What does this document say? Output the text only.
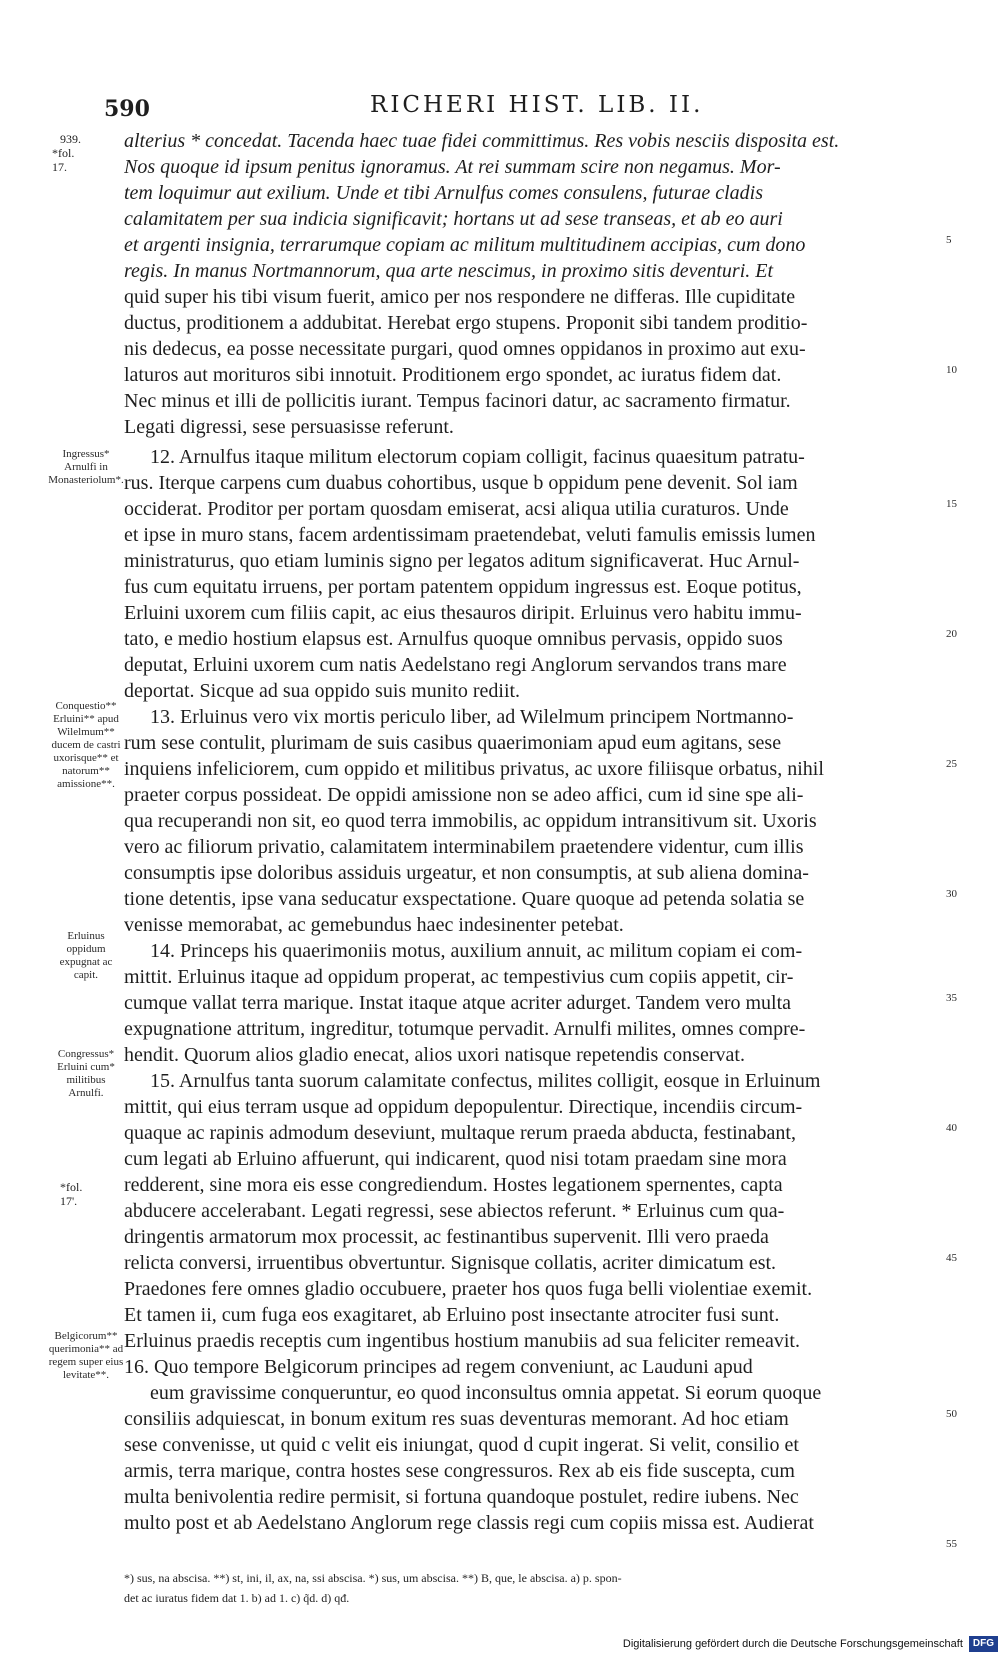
590	RICHERI HIST. LIB. II.
939.
*fol. 17.
Ingressus* Arnulfi in Monasteriolum*.
Conquestio** Erluini** apud Wilelmum** ducem de castri uxorisque** et natorum** amissione**.
Erluinus oppidum expugnat ac capit.
Congressus* Erluini cum* militibus Arnulfi.
*fol. 17'.
Belgicorum** querimonia** ad regem super eius levitate**.
alterius * concedat. Tacenda haec tuae fidei committimus. Res vobis nesciis disposita est.
Nos quoque id ipsum penitus ignoramus. At rei summam scire non negamus. Mor-
tem loquimur aut exilium. Unde et tibi Arnulfus comes consulens, futurae cladis
calamitatem per sua indicia significavit; hortans ut ad sese transeas, et ab eo auri
et argenti insignia, terrarumque copiam ac militum multitudinem accipias, cum dono
regis. In manus Nortmannorum, qua arte nescimus, in proximo sitis deventuri. Et
quid super his tibi visum fuerit, amico per nos respondere ne differas. Ille cupiditate
ductus, proditionem a addubitat. Herebat ergo stupens. Proponit sibi tandem proditio-
nis dedecus, ea posse necessitate purgari, quod omnes oppidanos in proximo aut exu-
laturos aut morituros sibi innotuit. Proditionem ergo spondet, ac iuratus fidem dat.
Nec minus et illi de pollicitis iurant. Tempus facinori datur, ac sacramento firmatur.
Legati digressi, sese persuasisse referunt.
12. Arnulfus itaque militum electorum copiam colligit, facinus quaesitum patratu-
rus. Iterque carpens cum duabus cohortibus, usque b oppidum pene devenit. Sol iam
occiderat. Proditor per portam quosdam emiserat, acsi aliqua utilia curaturos. Unde
et ipse in muro stans, facem ardentissimam praetendebat, veluti famulis emissis lumen
ministraturus, quo etiam luminis signo per legatos aditum significaverat. Huc Arnul-
fus cum equitatu irruens, per portam patentem oppidum ingressus est. Eoque potitus,
Erluini uxorem cum filiis capit, ac eius thesauros diripit. Erluinus vero habitu immu-
tato, e medio hostium elapsus est. Arnulfus quoque omnibus pervasis, oppido suos
deputat, Erluini uxorem cum natis Aedelstano regi Anglorum servandos trans mare
deportat. Sicque ad sua oppido suis munito rediit.
13. Erluinus vero vix mortis periculo liber, ad Wilelmum principem Nortmanno-
rum sese contulit, plurimam de suis casibus quaerimoniam apud eum agitans, sese
inquiens infeliciorem, cum oppido et militibus privatus, ac uxore filiisque orbatus, nihil
praeter corpus possideat. De oppidi amissione non se adeo affici, cum id sine spe ali-
qua recuperandi non sit, eo quod terra immobilis, ac oppidum intransitivum sit. Uxoris
vero ac filiorum privatio, calamitatem interminabilem praetendere videntur, cum illis
consumptis ipse doloribus assiduis urgeatur, et non consumptis, at sub aliena domina-
tione detentis, ipse vana seducatur exspectatione. Quare quoque ad petenda solatia se
venisse memorabat, ac gemebundus haec indesinenter petebat.
14. Princeps his quaerimoniis motus, auxilium annuit, ac militum copiam ei com-
mittit. Erluinus itaque ad oppidum properat, ac tempestivius cum copiis appetit, cir-
cumque vallat terra marique. Instat itaque atque acriter adurget. Tandem vero multa
expugnatione attritum, ingreditur, totumque pervadit. Arnulfi milites, omnes compre-
hendit. Quorum alios gladio enecat, alios uxori natisque repetendis conservat.
15. Arnulfus tanta suorum calamitate confectus, milites colligit, eosque in Erluinum
mittit, qui eius terram usque ad oppidum depopulentur. Directique, incendiis circum-
quaque ac rapinis admodum deseviunt, multaque rerum praeda abducta, festinabant,
cum legati ab Erluino affuerunt, qui indicarent, quod nisi totam praedam sine mora
redderent, sine mora eis esse congrediendum. Hostes legationem spernentes, capta
abducere accelerabant. Legati regressi, sese abiectos referunt. * Erluinus cum qua-
dringentis armatorum mox processit, ac festinantibus supervenit. Illi vero praeda
relicta conversi, irruentibus obvertuntur. Signisque collatis, acriter dimicatum est.
Praedones fere omnes gladio occubuere, praeter hos quos fuga belli violentiae exemit.
Et tamen ii, cum fuga eos exagitaret, ab Erluino post insectante atrociter fusi sunt.
Erluinus praedis receptis cum ingentibus hostium manubiis ad sua feliciter remeavit.
16. Quo tempore Belgicorum principes ad regem conveniunt, ac Lauduni apud
eum gravissime conqueruntur, eo quod inconsultus omnia appetat. Si eorum quoque
consiliis adquiescat, in bonum exitum res suas deventuras memorant. Ad hoc etiam
sese convenisse, ut quid c velit eis iniungat, quod d cupit ingerat. Si velit, consilio et
armis, terra marique, contra hostes sese congressuros. Rex ab eis fide suscepta, cum
multa benivolentia redire permisit, si fortuna quandoque postulet, redire iubens. Nec
multo post et ab Aedelstano Anglorum rege classis regi cum copiis missa est. Audierat
5
10
15
20
25
30
35
40
45
50
55
*) sus, na abscisa. **) st, ini, il, ax, na, ssi abscisa. *) sus, um abscisa. **) B, que, le abscisa. a) p. spon-
det ac iuratus fidem dat 1. b) ad 1. c) q̃d. d) qđ.
Digitalisierung gefördert durch die Deutsche Forschungsgemeinschaft	DFG
